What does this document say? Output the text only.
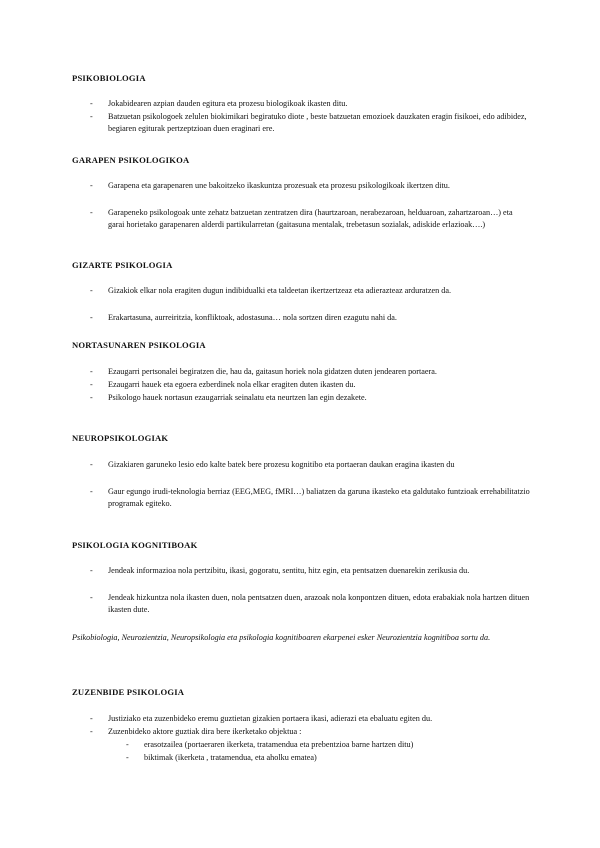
PSIKOBIOLOGIA
- Jokabidearen azpian dauden egitura eta prozesu biologikoak ikasten ditu.
- Batzuetan psikologoek zelulen biokimikari begiratuko diote , beste batzuetan emozioek dauzkaten eragin fisikoei, edo adibidez, begiaren egiturak pertzeptzioan duen eraginari ere.
GARAPEN PSIKOLOGIKOA
- Garapena eta garapenaren une bakoitzeko ikaskuntza prozesuak eta prozesu psikologikoak ikertzen ditu.
- Garapeneko psikologoak unte zehatz batzuetan zentratzen dira (haurtzaroan, nerabezaroan, helduaroan, zahartzaroan…) eta garai horietako garapenaren alderdi partikularretan (gaitasuna mentalak, trebetasun sozialak, adiskide erlazioak….)
GIZARTE PSIKOLOGIA
- Gizakiok elkar nola eragiten dugun indibidualki eta taldeetan ikertzertzeaz eta adierazteaz arduratzen da.
- Erakartasuna, aurreiritzia, konfliktoak, adostasuna… nola sortzen diren ezagutu nahi da.
NORTASUNAREN PSIKOLOGIA
- Ezaugarri pertsonalei begiratzen die, hau da, gaitasun horiek nola gidatzen duten jendearen portaera.
- Ezaugarri hauek eta egoera ezberdinek nola elkar eragiten duten ikasten du.
- Psikologo hauek nortasun ezaugarriak seinalatu eta neurtzen lan egin dezakete.
NEUROPSIKOLOGIAK
- Gizakiaren garuneko lesio edo kalte batek bere prozesu kognitibo eta portaeran daukan eragina ikasten du
- Gaur egungo irudi-teknologia berriaz (EEG,MEG, fMRI…) baliatzen da garuna ikasteko eta galdutako funtzioak errehabilitatzio programak egiteko.
PSIKOLOGIA KOGNITIBOAK
- Jendeak informazioa nola pertzibitu, ikasi, gogoratu, sentitu, hitz egin, eta pentsatzen duenarekin zerikusia du.
- Jendeak hizkuntza nola ikasten duen, nola pentsatzen duen, arazoak nola konpontzen dituen, edota erabakiak nola hartzen dituen ikasten dute.
Psikobiologia, Neurozientzia, Neuropsikologia eta psikologia kognitiboaren ekarpenei esker Neurozientzia kognitiboa sortu da.
ZUZENBIDE PSIKOLOGIA
- Justiziako eta zuzenbideko eremu guztietan gizakien portaera ikasi, adierazi eta ebaluatu egiten du.
- Zuzenbideko aktore guztiak dira bere ikerketako objektua :
- erasotzailea (portaeraren ikerketa, tratamendua eta prebentzioa barne hartzen ditu)
- biktimak (ikerketa , tratamendua, eta aholku ematea)
